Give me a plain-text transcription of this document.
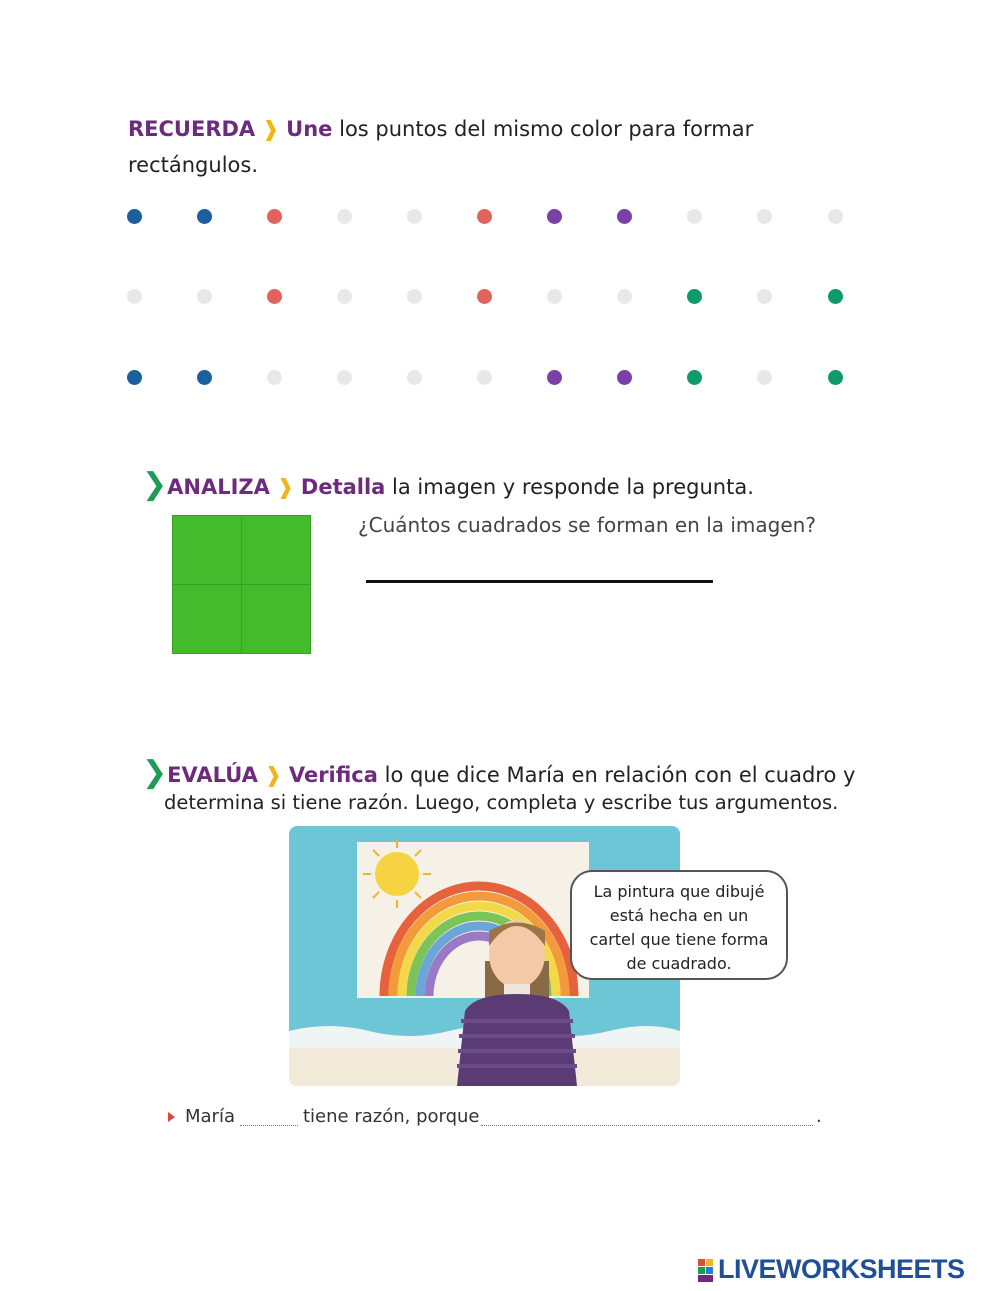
RECUERDA ❱ Une los puntos del mismo color para formar
rectángulos.
❯ANALIZA ❱ Detalla la imagen y responde la pregunta.
¿Cuántos cuadrados se forman en la imagen?
❯EVALÚA ❱ Verifica lo que dice María en relación con el cuadro y
determina si tiene razón. Luego, completa y escribe tus argumentos.
La pintura que dibujé
está hecha en un
cartel que tiene forma
de cuadrado.
María	tiene razón, porque	.
LIVEWORKSHEETS
